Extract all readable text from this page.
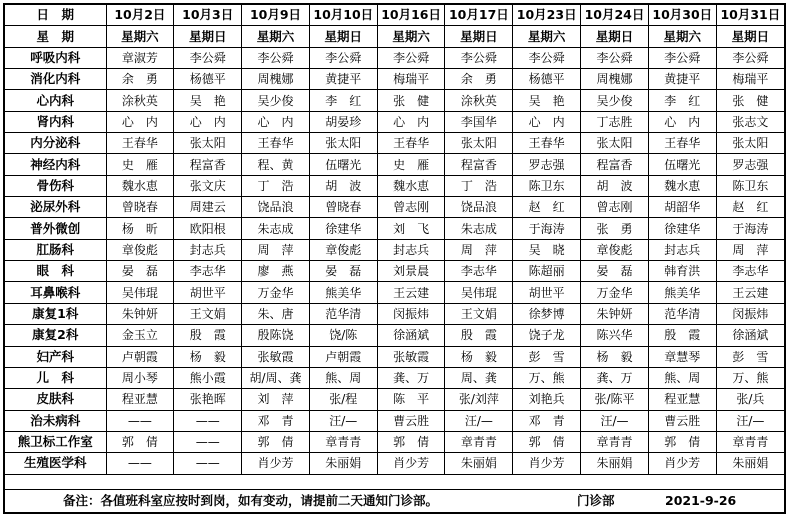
日　期	10月2日	10月3日	10月9日	10月10日	10月16日	10月17日	10月23日	10月24日	10月30日	10月31日
星　期	星期六	星期日	星期六	星期日	星期六	星期日	星期六	星期日	星期六	星期日
呼吸内科	章淑芳	李公舜	李公舜	李公舜	李公舜	李公舜	李公舜	李公舜	李公舜	李公舜
消化内科	余　勇	杨德平	周槐娜	黄捷平	梅瑞平	余　勇	杨德平	周槐娜	黄捷平	梅瑞平
心内科	涂秋英	吴　艳	吴少俊	李　红	张　健	涂秋英	吴　艳	吴少俊	李　红	张　健
肾内科	心　内	心　内	心　内	胡晏珍	心　内	李国华	心　内	丁志胜	心　内	张志文
内分泌科	王春华	张太阳	王春华	张太阳	王春华	张太阳	王春华	张太阳	王春华	张太阳
神经内科	史　雁	程富香	程、黄	伍曙光	史　雁	程富香	罗志强	程富香	伍曙光	罗志强
骨伤科	魏水恵	张文庆	丁　浩	胡　波	魏水恵	丁　浩	陈卫东	胡　波	魏水恵	陈卫东
泌尿外科	曾晓春	周建云	饶品浪	曾晓春	曾志刚	饶品浪	赵　红	曾志刚	胡韶华	赵　红
普外微创	杨　昕	欧阳根	朱志成	徐建华	刘　飞	朱志成	于海涛	张　勇	徐建华	于海涛
肛肠科	章俊彪	封志兵	周　萍	章俊彪	封志兵	周　萍	吴　晓	章俊彪	封志兵	周　萍
眼　科	晏　磊	李志华	廖　燕	晏　磊	刘景晨	李志华	陈超丽	晏　磊	韩育洪	李志华
耳鼻喉科	吴伟琨	胡世平	万金华	熊美华	王云建	吴伟琨	胡世平	万金华	熊美华	王云建
康复1科	朱钟妍	王文娟	朱、唐	范华清	闵振炜	王文娟	徐梦博	朱钟妍	范华清	闵振炜
康复2科	金玉立	殷　霞	殷陈饶	饶/陈	徐涵斌	殷　霞	饶子龙	陈兴华	殷　霞	徐涵斌
妇产科	卢朝霞	杨　毅	张敏霞	卢朝霞	张敏霞	杨　毅	彭　雪	杨　毅	章慧琴	彭　雪
儿　科	周小琴	熊小霞	胡/周、龚	熊、周	龚、万	周、龚	万、熊	龚、万	熊、周	万、熊
皮肤科	程亚慧	张艳晖	刘　萍	张/程	陈　平	张/刘萍	刘艳兵	张/陈平	程亚慧	张/兵
治未病科	——	——	邓　青	汪/—	曹云胜	汪/—	邓　青	汪/—	曹云胜	汪/—
熊卫标工作室	郭　倩	——	郭　倩	章青青	郭　倩	章青青	郭　倩	章青青	郭　倩	章青青
生殖医学科	——	——	肖少芳	朱丽娟	肖少芳	朱丽娟	肖少芳	朱丽娟	肖少芳	朱丽娟
备注：各值班科室应按时到岗，如有变动，请提前二天通知门诊部。	门诊部	2021-9-26
